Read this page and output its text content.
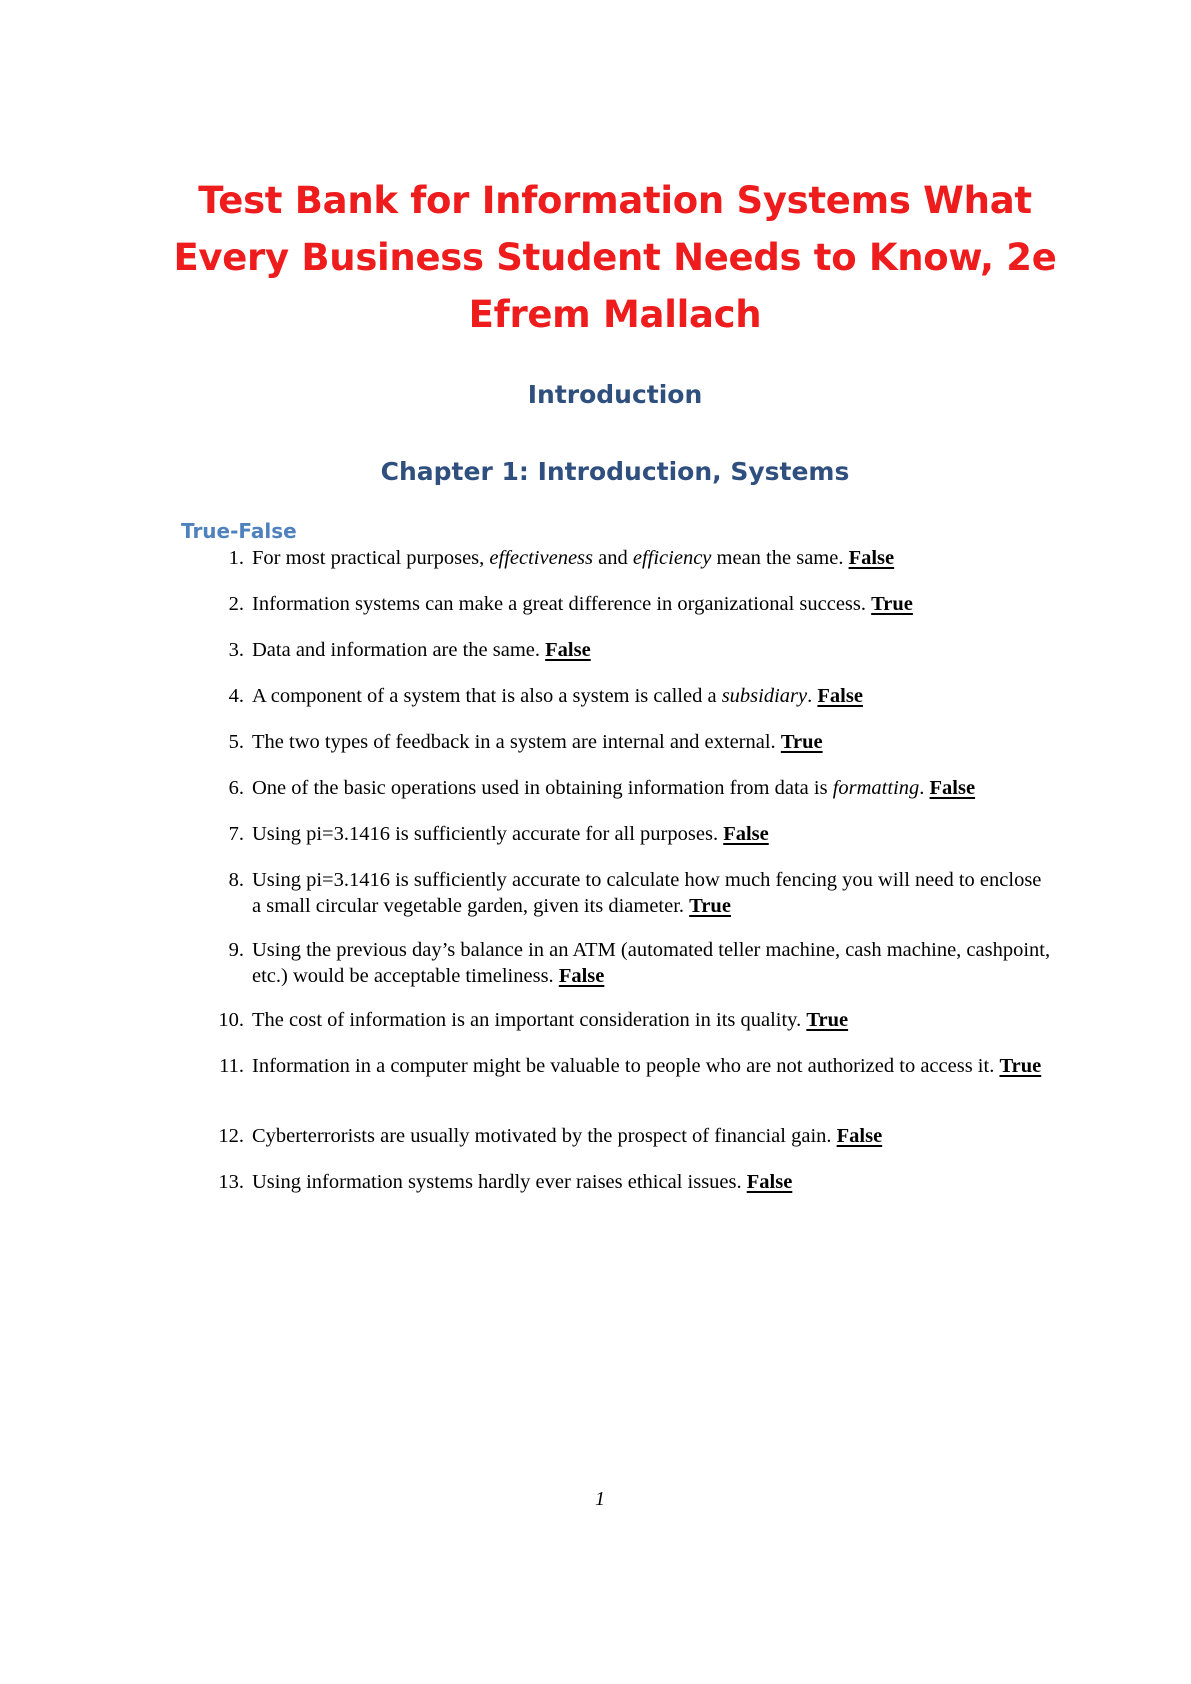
Test Bank for Information Systems What
Every Business Student Needs to Know, 2e
Efrem Mallach
Introduction
Chapter 1: Introduction, Systems
True-False
1. For most practical purposes, effectiveness and efficiency mean the same. False
2. Information systems can make a great difference in organizational success. True
3. Data and information are the same. False
4. A component of a system that is also a system is called a subsidiary. False
5. The two types of feedback in a system are internal and external. True
6. One of the basic operations used in obtaining information from data is formatting. False
7. Using pi=3.1416 is sufficiently accurate for all purposes. False
8. Using pi=3.1416 is sufficiently accurate to calculate how much fencing you will need to enclose a small circular vegetable garden, given its diameter. True
9. Using the previous day’s balance in an ATM (automated teller machine, cash machine, cashpoint, etc.) would be acceptable timeliness. False
10. The cost of information is an important consideration in its quality. True
11. Information in a computer might be valuable to people who are not authorized to access it. True
12. Cyberterrorists are usually motivated by the prospect of financial gain. False
13. Using information systems hardly ever raises ethical issues. False
1
